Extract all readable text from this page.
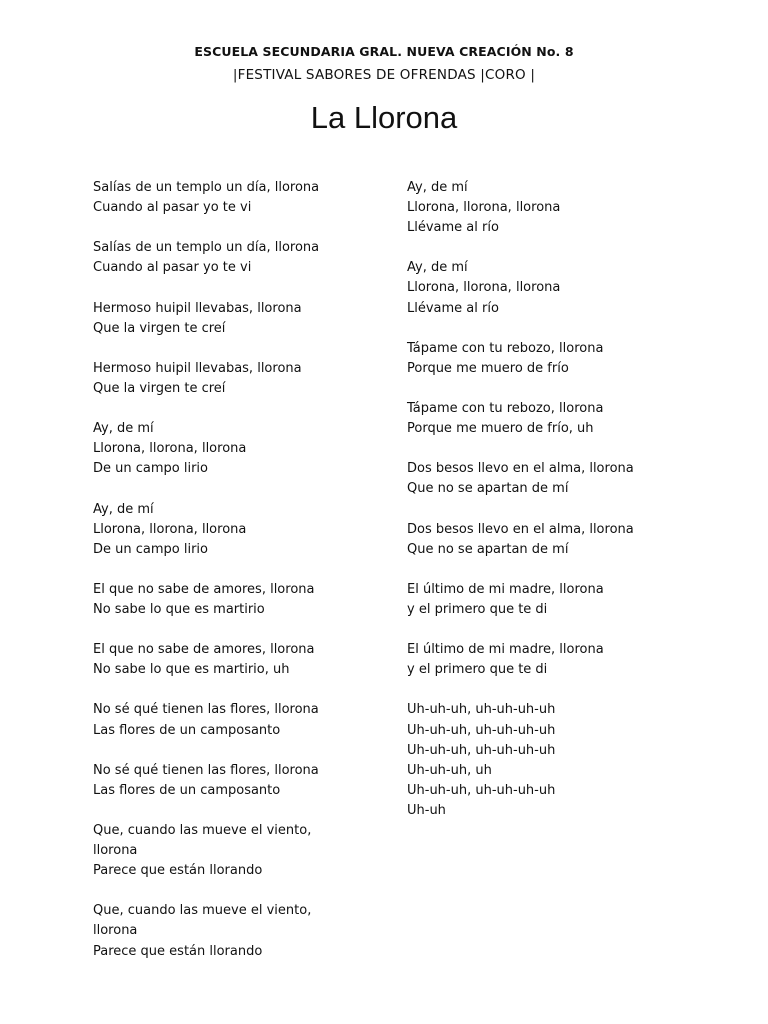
ESCUELA SECUNDARIA GRAL. NUEVA CREACIÓN No. 8
|FESTIVAL SABORES DE OFRENDAS |CORO |
La Llorona
Salías de un templo un día, llorona
Cuando al pasar yo te vi
Salías de un templo un día, llorona
Cuando al pasar yo te vi
Hermoso huipil llevabas, llorona
Que la virgen te creí
Hermoso huipil llevabas, llorona
Que la virgen te creí
Ay, de mí
Llorona, llorona, llorona
De un campo lirio
Ay, de mí
Llorona, llorona, llorona
De un campo lirio
El que no sabe de amores, llorona
No sabe lo que es martirio
El que no sabe de amores, llorona
No sabe lo que es martirio, uh
No sé qué tienen las flores, llorona
Las flores de un camposanto
No sé qué tienen las flores, llorona
Las flores de un camposanto
Que, cuando las mueve el viento,
llorona
Parece que están llorando
Que, cuando las mueve el viento,
llorona
Parece que están llorando
Ay, de mí
Llorona, llorona, llorona
Llévame al río
Ay, de mí
Llorona, llorona, llorona
Llévame al río
Tápame con tu rebozo, llorona
Porque me muero de frío
Tápame con tu rebozo, llorona
Porque me muero de frío, uh
Dos besos llevo en el alma, llorona
Que no se apartan de mí
Dos besos llevo en el alma, llorona
Que no se apartan de mí
El último de mi madre, llorona
y el primero que te di
El último de mi madre, llorona
y el primero que te di
Uh-uh-uh, uh-uh-uh-uh
Uh-uh-uh, uh-uh-uh-uh
Uh-uh-uh, uh-uh-uh-uh
Uh-uh-uh, uh
Uh-uh-uh, uh-uh-uh-uh
Uh-uh
